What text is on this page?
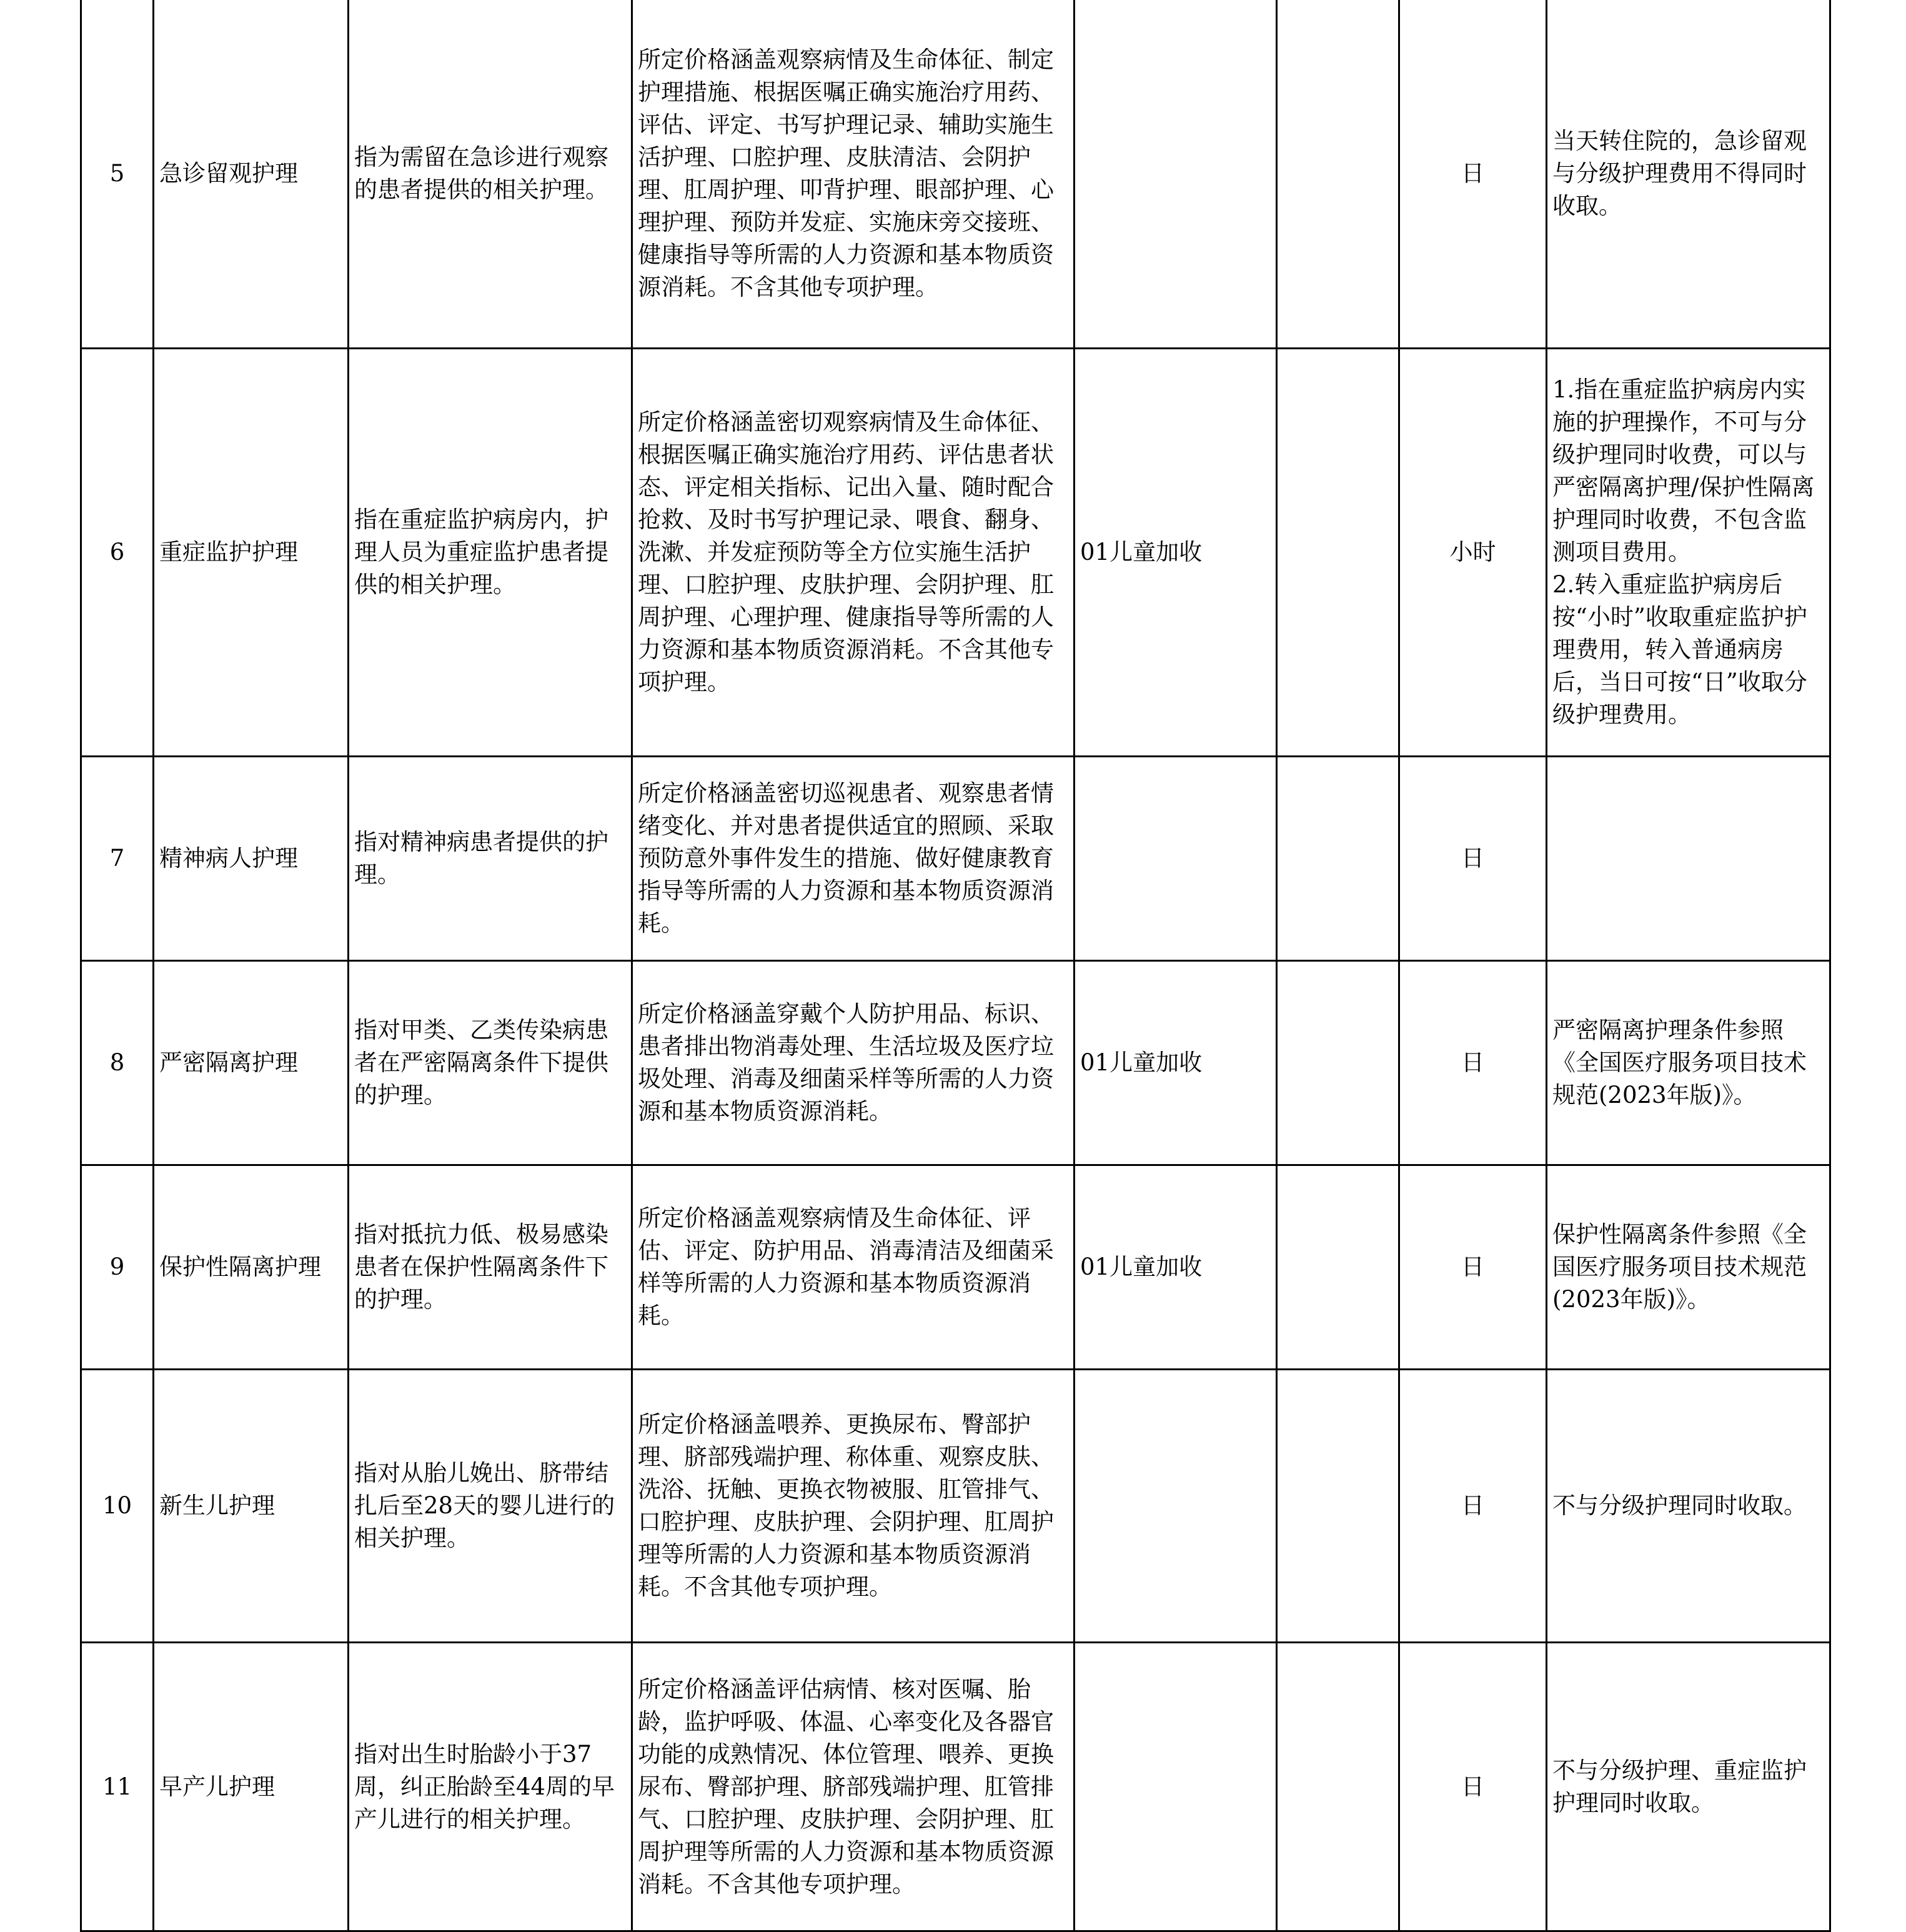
5	急诊留观护理	指为需留在急诊进行观察的患者提供的相关护理。	所定价格涵盖观察病情及生命体征、制定护理措施、根据医嘱正确实施治疗用药、评估、评定、书写护理记录、辅助实施生活护理、口腔护理、皮肤清洁、会阴护理、肛周护理、叩背护理、眼部护理、心理护理、预防并发症、实施床旁交接班、健康指导等所需的人力资源和基本物质资源消耗。不含其他专项护理。			日	当天转住院的，急诊留观与分级护理费用不得同时收取。
6	重症监护护理	指在重症监护病房内，护理人员为重症监护患者提供的相关护理。	所定价格涵盖密切观察病情及生命体征、根据医嘱正确实施治疗用药、评估患者状态、评定相关指标、记出入量、随时配合抢救、及时书写护理记录、喂食、翻身、洗漱、并发症预防等全方位实施生活护理、口腔护理、皮肤护理、会阴护理、肛周护理、心理护理、健康指导等所需的人力资源和基本物质资源消耗。不含其他专项护理。	01儿童加收		小时	1.指在重症监护病房内实施的护理操作，不可与分级护理同时收费，可以与严密隔离护理/保护性隔离护理同时收费，不包含监测项目费用。
2.转入重症监护病房后按“小时”收取重症监护护理费用，转入普通病房后，当日可按“日”收取分级护理费用。
7	精神病人护理	指对精神病患者提供的护理。	所定价格涵盖密切巡视患者、观察患者情绪变化、并对患者提供适宜的照顾、采取预防意外事件发生的措施、做好健康教育指导等所需的人力资源和基本物质资源消耗。			日	
8	严密隔离护理	指对甲类、乙类传染病患者在严密隔离条件下提供的护理。	所定价格涵盖穿戴个人防护用品、标识、患者排出物消毒处理、生活垃圾及医疗垃圾处理、消毒及细菌采样等所需的人力资源和基本物质资源消耗。	01儿童加收		日	严密隔离护理条件参照《全国医疗服务项目技术规范(2023年版)》。
9	保护性隔离护理	指对抵抗力低、极易感染患者在保护性隔离条件下的护理。	所定价格涵盖观察病情及生命体征、评估、评定、防护用品、消毒清洁及细菌采样等所需的人力资源和基本物质资源消耗。	01儿童加收		日	保护性隔离条件参照《全国医疗服务项目技术规范(2023年版)》。
10	新生儿护理	指对从胎儿娩出、脐带结扎后至28天的婴儿进行的相关护理。	所定价格涵盖喂养、更换尿布、臀部护理、脐部残端护理、称体重、观察皮肤、洗浴、抚触、更换衣物被服、肛管排气、口腔护理、皮肤护理、会阴护理、肛周护理等所需的人力资源和基本物质资源消耗。不含其他专项护理。			日	不与分级护理同时收取。
11	早产儿护理	指对出生时胎龄小于37周，纠正胎龄至44周的早产儿进行的相关护理。	所定价格涵盖评估病情、核对医嘱、胎龄，监护呼吸、体温、心率变化及各器官功能的成熟情况、体位管理、喂养、更换尿布、臀部护理、脐部残端护理、肛管排气、口腔护理、皮肤护理、会阴护理、肛周护理等所需的人力资源和基本物质资源消耗。不含其他专项护理。			日	不与分级护理、重症监护护理同时收取。
